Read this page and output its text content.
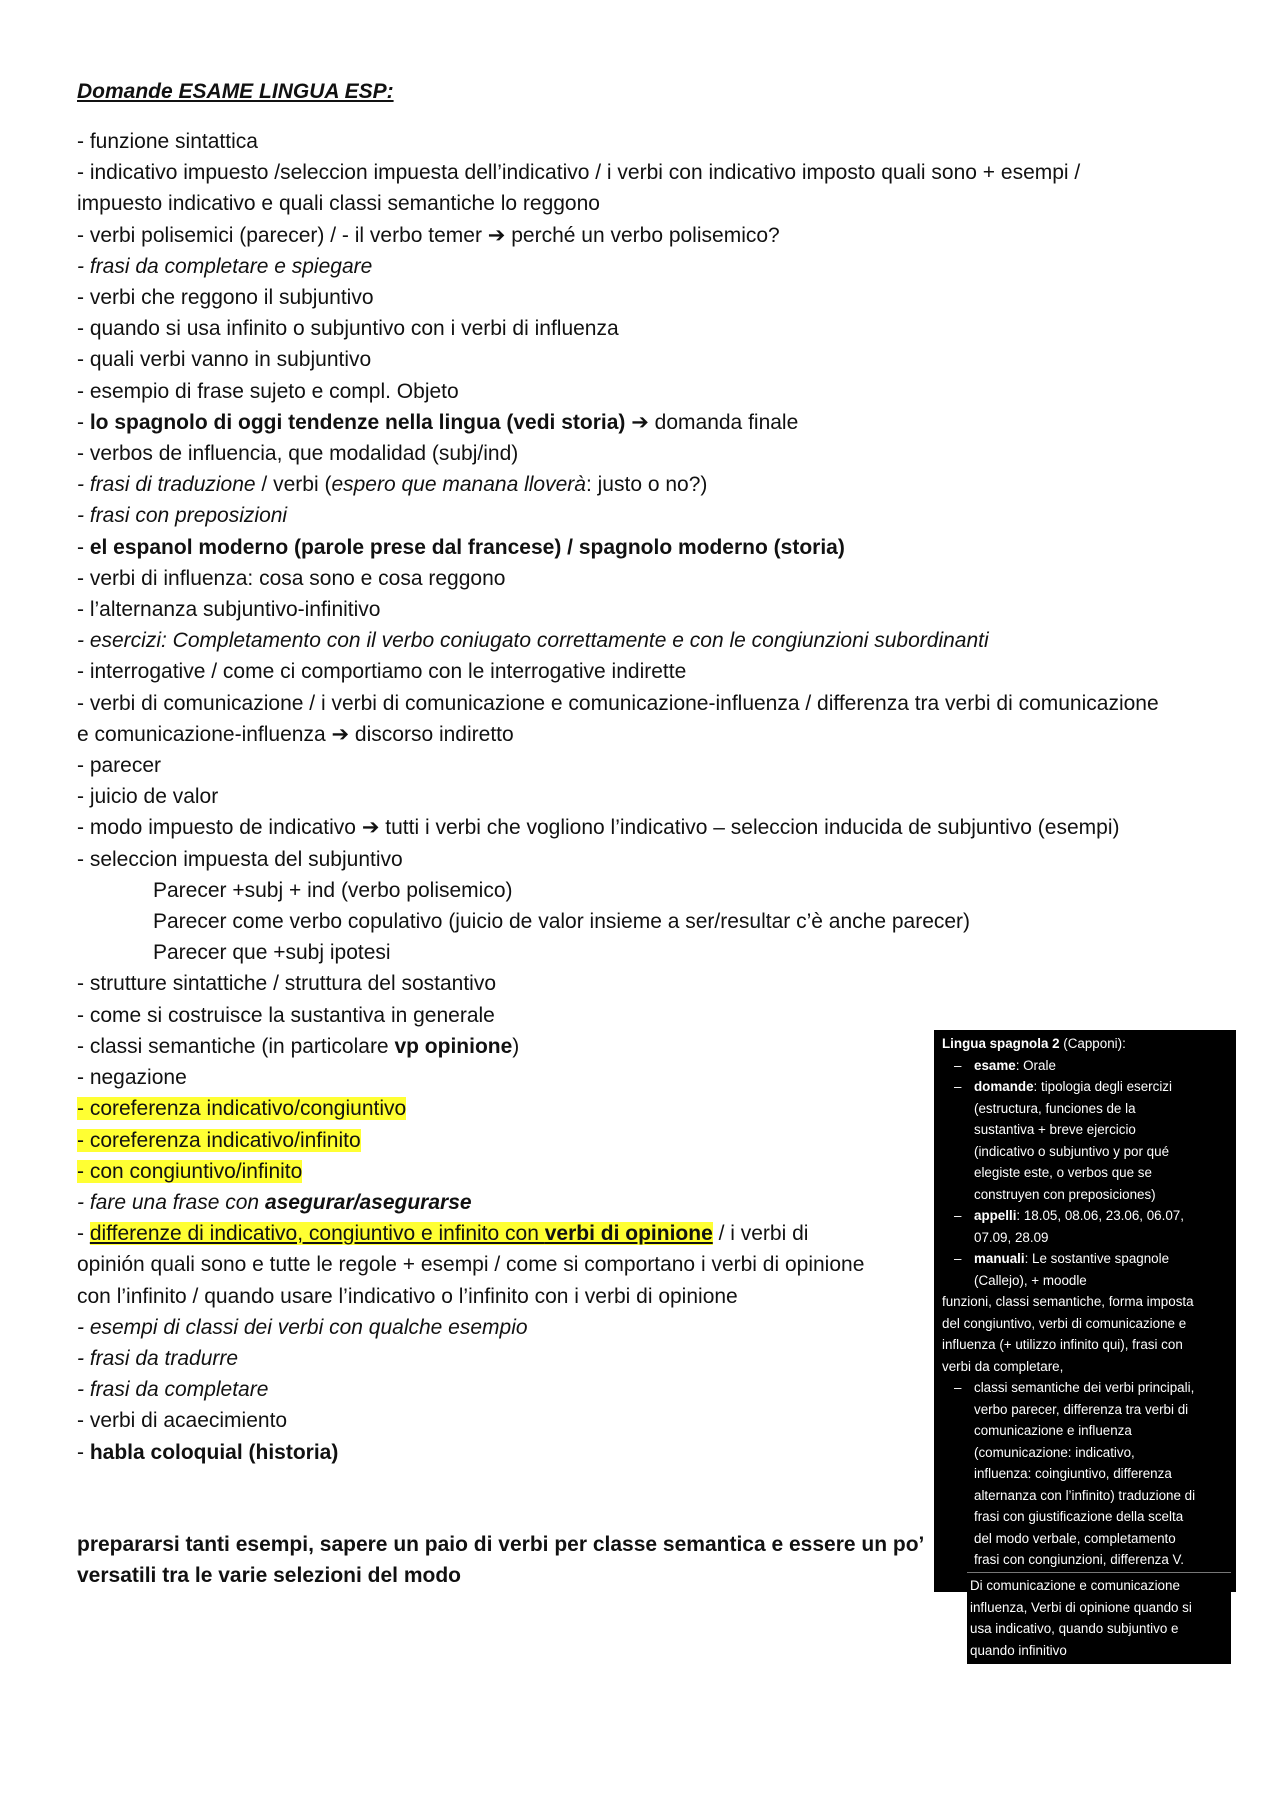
Domande ESAME LINGUA ESP:
- funzione sintattica
- indicativo impuesto /seleccion impuesta dell’indicativo / i verbi con indicativo imposto quali sono + esempi /
impuesto indicativo e quali classi semantiche lo reggono
- verbi polisemici (parecer) / - il verbo temer ➔ perché un verbo polisemico?
- frasi da completare e spiegare
- verbi che reggono il subjuntivo
- quando si usa infinito o subjuntivo con i verbi di influenza
- quali verbi vanno in subjuntivo
- esempio di frase sujeto e compl. Objeto
- lo spagnolo di oggi tendenze nella lingua (vedi storia) ➔ domanda finale
- verbos de influencia, que modalidad (subj/ind)
- frasi di traduzione / verbi (espero que manana lloverà: justo o no?)
- frasi con preposizioni
- el espanol moderno (parole prese dal francese) / spagnolo moderno (storia)
- verbi di influenza: cosa sono e cosa reggono
- l’alternanza subjuntivo-infinitivo
- esercizi: Completamento con il verbo coniugato correttamente e con le congiunzioni subordinanti
- interrogative / come ci comportiamo con le interrogative indirette
- verbi di comunicazione / i verbi di comunicazione e comunicazione-influenza / differenza tra verbi di comunicazione
e comunicazione-influenza ➔ discorso indiretto
- parecer
- juicio de valor
- modo impuesto de indicativo ➔ tutti i verbi che vogliono l’indicativo – seleccion inducida de subjuntivo (esempi)
- seleccion impuesta del subjuntivo
Parecer +subj + ind (verbo polisemico)
Parecer come verbo copulativo (juicio de valor insieme a ser/resultar c’è anche parecer)
Parecer que +subj ipotesi
- strutture sintattiche / struttura del sostantivo
- come si costruisce la sustantiva in generale
- classi semantiche (in particolare vp opinione)
- negazione
- coreferenza indicativo/congiuntivo
- coreferenza indicativo/infinito
- con congiuntivo/infinito
- fare una frase con asegurar/asegurarse
- differenze di indicativo, congiuntivo e infinito con verbi di opinione / i verbi di
opinión quali sono e tutte le regole + esempi / come si comportano i verbi di opinione
con l’infinito / quando usare l’indicativo o l’infinito con i verbi di opinione
- esempi di classi dei verbi con qualche esempio
- frasi da tradurre
- frasi da completare
- verbi di acaecimiento
- habla coloquial (historia)
prepararsi tanti esempi, sapere un paio di verbi per classe semantica e essere un po’
versatili tra le varie selezioni del modo
Lingua spagnola 2 (Capponi):
– esame: Orale
– domande: tipologia degli esercizi
(estructura, funciones de la
sustantiva + breve ejercicio
(indicativo o subjuntivo y por qué
elegiste este, o verbos que se
construyen con preposiciones)
– appelli: 18.05, 08.06, 23.06, 06.07,
07.09, 28.09
– manuali: Le sostantive spagnole
(Callejo), + moodle
funzioni, classi semantiche, forma imposta
del congiuntivo, verbi di comunicazione e
influenza (+ utilizzo infinito qui), frasi con
verbi da completare,
– classi semantiche dei verbi principali,
verbo parecer, differenza tra verbi di
comunicazione e influenza
(comunicazione: indicativo,
influenza: coingiuntivo, differenza
alternanza con l’infinito) traduzione di
frasi con giustificazione della scelta
del modo verbale, completamento
frasi con congiunzioni, differenza V.
Di comunicazione e comunicazione
influenza, Verbi di opinione quando si
usa indicativo, quando subjuntivo e
quando infinitivo
